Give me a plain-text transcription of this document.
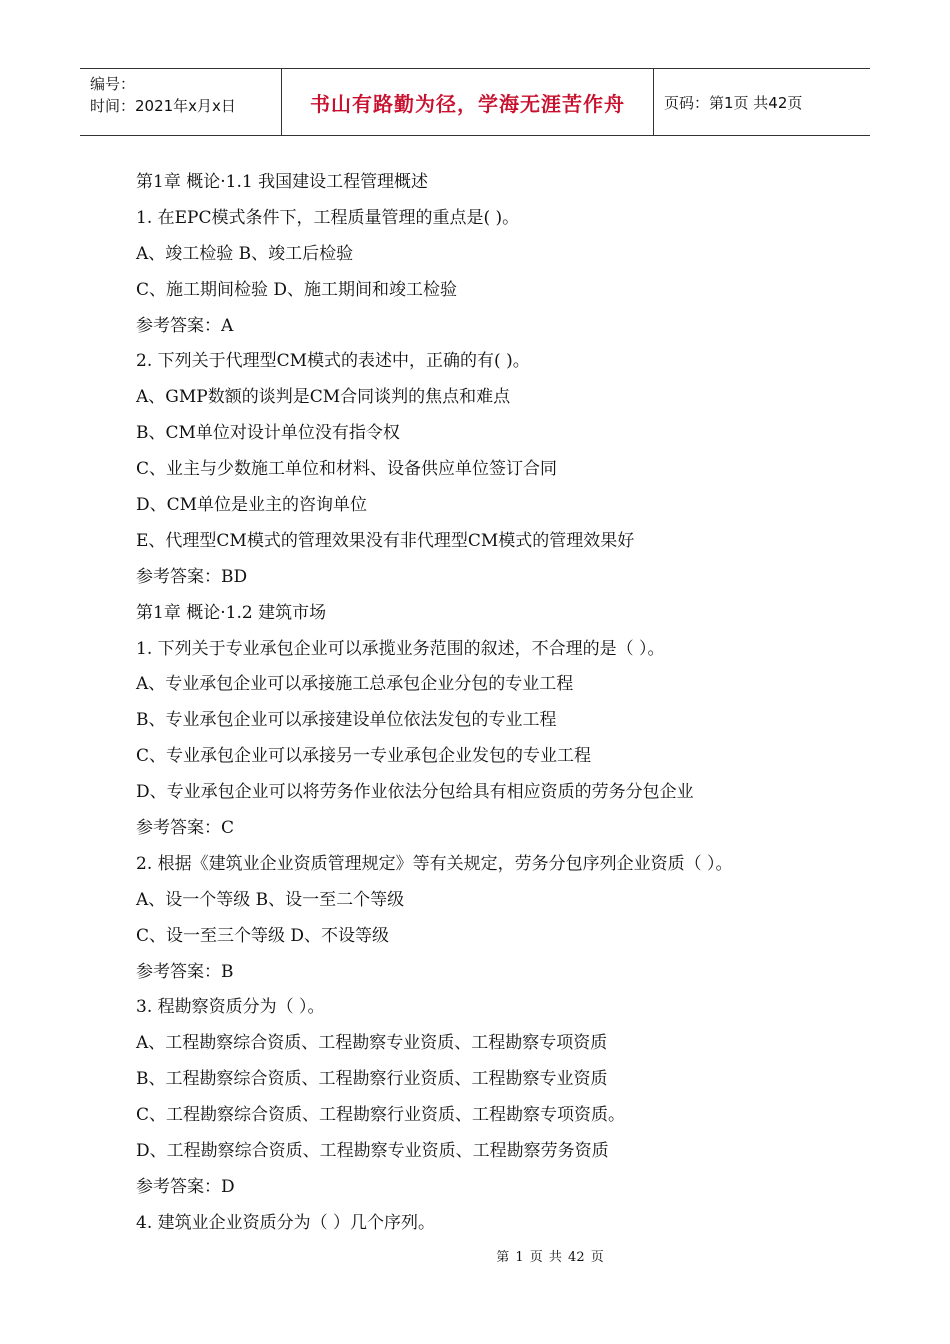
编号：
时间：2021年x月x日	书山有路勤为径，学海无涯苦作舟	页码：第1页 共42页
第1章 概论·1.1 我国建设工程管理概述
1. 在EPC模式条件下，工程质量管理的重点是( )。
A、竣工检验 B、竣工后检验
C、施工期间检验 D、施工期间和竣工检验
参考答案：A
2. 下列关于代理型CM模式的表述中，正确的有( )。
A、GMP数额的谈判是CM合同谈判的焦点和难点
B、CM单位对设计单位没有指令权
C、业主与少数施工单位和材料、设备供应单位签订合同
D、CM单位是业主的咨询单位
E、代理型CM模式的管理效果没有非代理型CM模式的管理效果好
参考答案：BD
第1章 概论·1.2 建筑市场
1. 下列关于专业承包企业可以承揽业务范围的叙述，不合理的是（ ）。
A、专业承包企业可以承接施工总承包企业分包的专业工程
B、专业承包企业可以承接建设单位依法发包的专业工程
C、专业承包企业可以承接另一专业承包企业发包的专业工程
D、专业承包企业可以将劳务作业依法分包给具有相应资质的劳务分包企业
参考答案：C
2. 根据《建筑业企业资质管理规定》等有关规定，劳务分包序列企业资质（ ）。
A、设一个等级 B、设一至二个等级
C、设一至三个等级 D、不设等级
参考答案：B
3. 程勘察资质分为（ ）。
A、工程勘察综合资质、工程勘察专业资质、工程勘察专项资质
B、工程勘察综合资质、工程勘察行业资质、工程勘察专业资质
C、工程勘察综合资质、工程勘察行业资质、工程勘察专项资质。
D、工程勘察综合资质、工程勘察专业资质、工程勘察劳务资质
参考答案：D
4. 建筑业企业资质分为（ ）几个序列。
第 1 页 共 42 页
